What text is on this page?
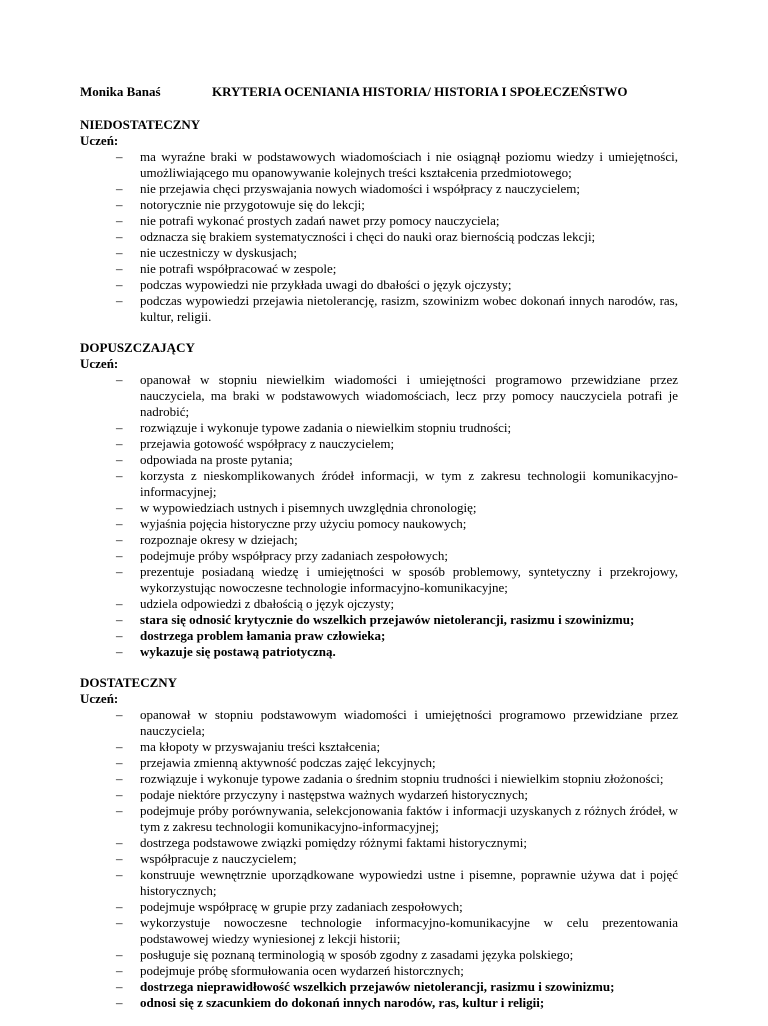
Monika Banaś	KRYTERIA OCENIANIA HISTORIA/ HISTORIA I SPOŁECZEŃSTWO
NIEDOSTATECZNY
Uczeń:
– ma wyraźne braki w podstawowych wiadomościach i nie osiągnął poziomu wiedzy i umiejętności, umożliwiającego mu opanowywanie kolejnych treści kształcenia przedmiotowego;
– nie przejawia chęci przyswajania nowych wiadomości i współpracy z nauczycielem;
– notorycznie nie przygotowuje się do lekcji;
– nie potrafi wykonać prostych zadań nawet przy pomocy nauczyciela;
– odznacza się brakiem systematyczności i chęci do nauki oraz biernością podczas lekcji;
– nie uczestniczy w dyskusjach;
– nie potrafi współpracować w zespole;
– podczas wypowiedzi nie przykłada uwagi do dbałości o język ojczysty;
– podczas wypowiedzi przejawia nietolerancję, rasizm, szowinizm wobec dokonań innych narodów, ras, kultur, religii.
DOPUSZCZAJĄCY
Uczeń:
– opanował w stopniu niewielkim wiadomości i umiejętności programowo przewidziane przez nauczyciela, ma braki w podstawowych wiadomościach, lecz przy pomocy nauczyciela potrafi je nadrobić;
– rozwiązuje i wykonuje typowe zadania o niewielkim stopniu trudności;
– przejawia gotowość współpracy z nauczycielem;
– odpowiada na proste pytania;
– korzysta z nieskomplikowanych źródeł informacji, w tym z zakresu technologii komunikacyjno-informacyjnej;
– w wypowiedziach ustnych i pisemnych uwzględnia chronologię;
– wyjaśnia pojęcia historyczne przy użyciu pomocy naukowych;
– rozpoznaje okresy w dziejach;
– podejmuje próby współpracy przy zadaniach zespołowych;
– prezentuje posiadaną wiedzę i umiejętności w sposób problemowy, syntetyczny i przekrojowy, wykorzystując nowoczesne technologie informacyjno-komunikacyjne;
– udziela odpowiedzi z dbałością o język ojczysty;
– stara się odnosić krytycznie do wszelkich przejawów nietolerancji, rasizmu i szowinizmu;
– dostrzega problem łamania praw człowieka;
– wykazuje się postawą patriotyczną.
DOSTATECZNY
Uczeń:
– opanował w stopniu podstawowym wiadomości i umiejętności programowo przewidziane przez nauczyciela;
– ma kłopoty w przyswajaniu treści kształcenia;
– przejawia zmienną aktywność podczas zajęć lekcyjnych;
– rozwiązuje i wykonuje typowe zadania o średnim stopniu trudności i niewielkim stopniu złożoności;
– podaje niektóre przyczyny i następstwa ważnych wydarzeń historycznych;
– podejmuje próby porównywania, selekcjonowania faktów i informacji uzyskanych z różnych źródeł, w tym z zakresu technologii komunikacyjno-informacyjnej;
– dostrzega podstawowe związki pomiędzy różnymi faktami historycznymi;
– współpracuje z nauczycielem;
– konstruuje wewnętrznie uporządkowane wypowiedzi ustne i pisemne, poprawnie używa dat i pojęć historycznych;
– podejmuje współpracę w grupie przy zadaniach zespołowych;
– wykorzystuje nowoczesne technologie informacyjno-komunikacyjne w celu prezentowania podstawowej wiedzy wyniesionej z lekcji historii;
– posługuje się poznaną terminologią w sposób zgodny z zasadami języka polskiego;
– podejmuje próbę sformułowania ocen wydarzeń historcznych;
– dostrzega nieprawidłowość wszelkich przejawów nietolerancji, rasizmu i szowinizmu;
– odnosi się z szacunkiem do dokonań innych narodów, ras, kultur i religii;
